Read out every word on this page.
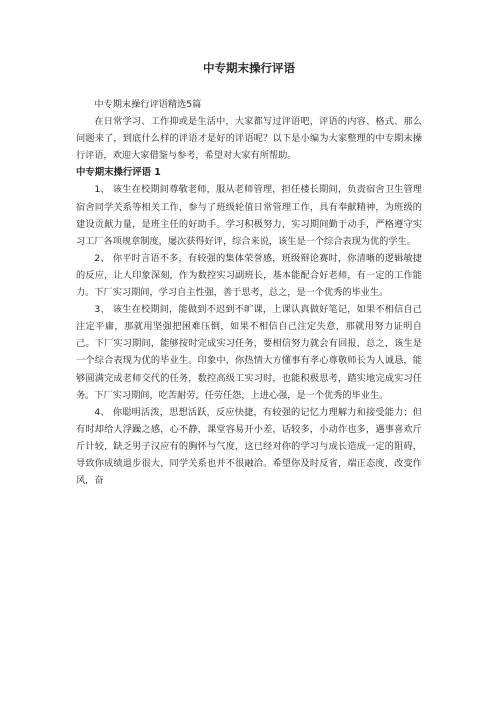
中专期末操行评语

中专期末操行评语精选5篇

在日常学习、工作抑或是生活中，大家都写过评语吧，评语的内容、格式、那么问题来了，到底什么样的评语才是好的评语呢？以下是小编为大家整理的中专期末操行评语，欢迎大家借鉴与参考，希望对大家有所帮助。

中专期末操行评语 1

1、 该生在校期间尊敬老师，服从老师管理，担任楼长期间，负责宿舍卫生管理宿舍同学关系等相关工作，参与了班级轮值日常管理工作，具有奉献精神，为班级的建设贡献力量，是班主任的好助手。学习积极努力，实习期间勤于动手，严格遵守实习工厂各项规章制度，屡次获得好评，综合来说，该生是一个综合表现为优的学生。

2、 你平时言语不多，有较强的集体荣誉感，班级辩论赛时，你清晰的逻辑敏捷的反应，让人印象深刻，作为数控实习副班长，基本能配合好老师，有一定的工作能力。下厂实习期间，学习自主性强，善于思考，总之，是一个优秀的毕业生。

3、 该生在校期间，能做到不迟到不旷课，上课认真做好笔记，如果不相信自己注定平庸，那就用坚强把困难压倒，如果不相信自己注定失意，那就用努力证明自己。下厂实习期间，能够按时完成实习任务，要相信努力就会有回报，总之，该生是一个综合表现为优的毕业生。印象中，你热情大方懂事有孝心尊敬师长为人诚恳，能够圆满完成老师交代的任务，数控高级工实习时，也能积极思考，踏实地完成实习任务。下厂实习期间，吃苦耐劳，任劳任怨，上进心强，是一个优秀的毕业生。

4、 你聪明活泼，思想活跃，反应快捷，有较强的记忆力理解力和接受能力；但有时却给人浮躁之感，心不静，课堂容易开小差，话较多，小动作也多，遇事喜欢斤斤计较，缺乏男子汉应有的胸怀与气度，这已经对你的学习与成长造成一定的阻碍，导致你成绩退步很大，同学关系也并不很融洽。希望你及时反省，端正态度，改变作风，奋
